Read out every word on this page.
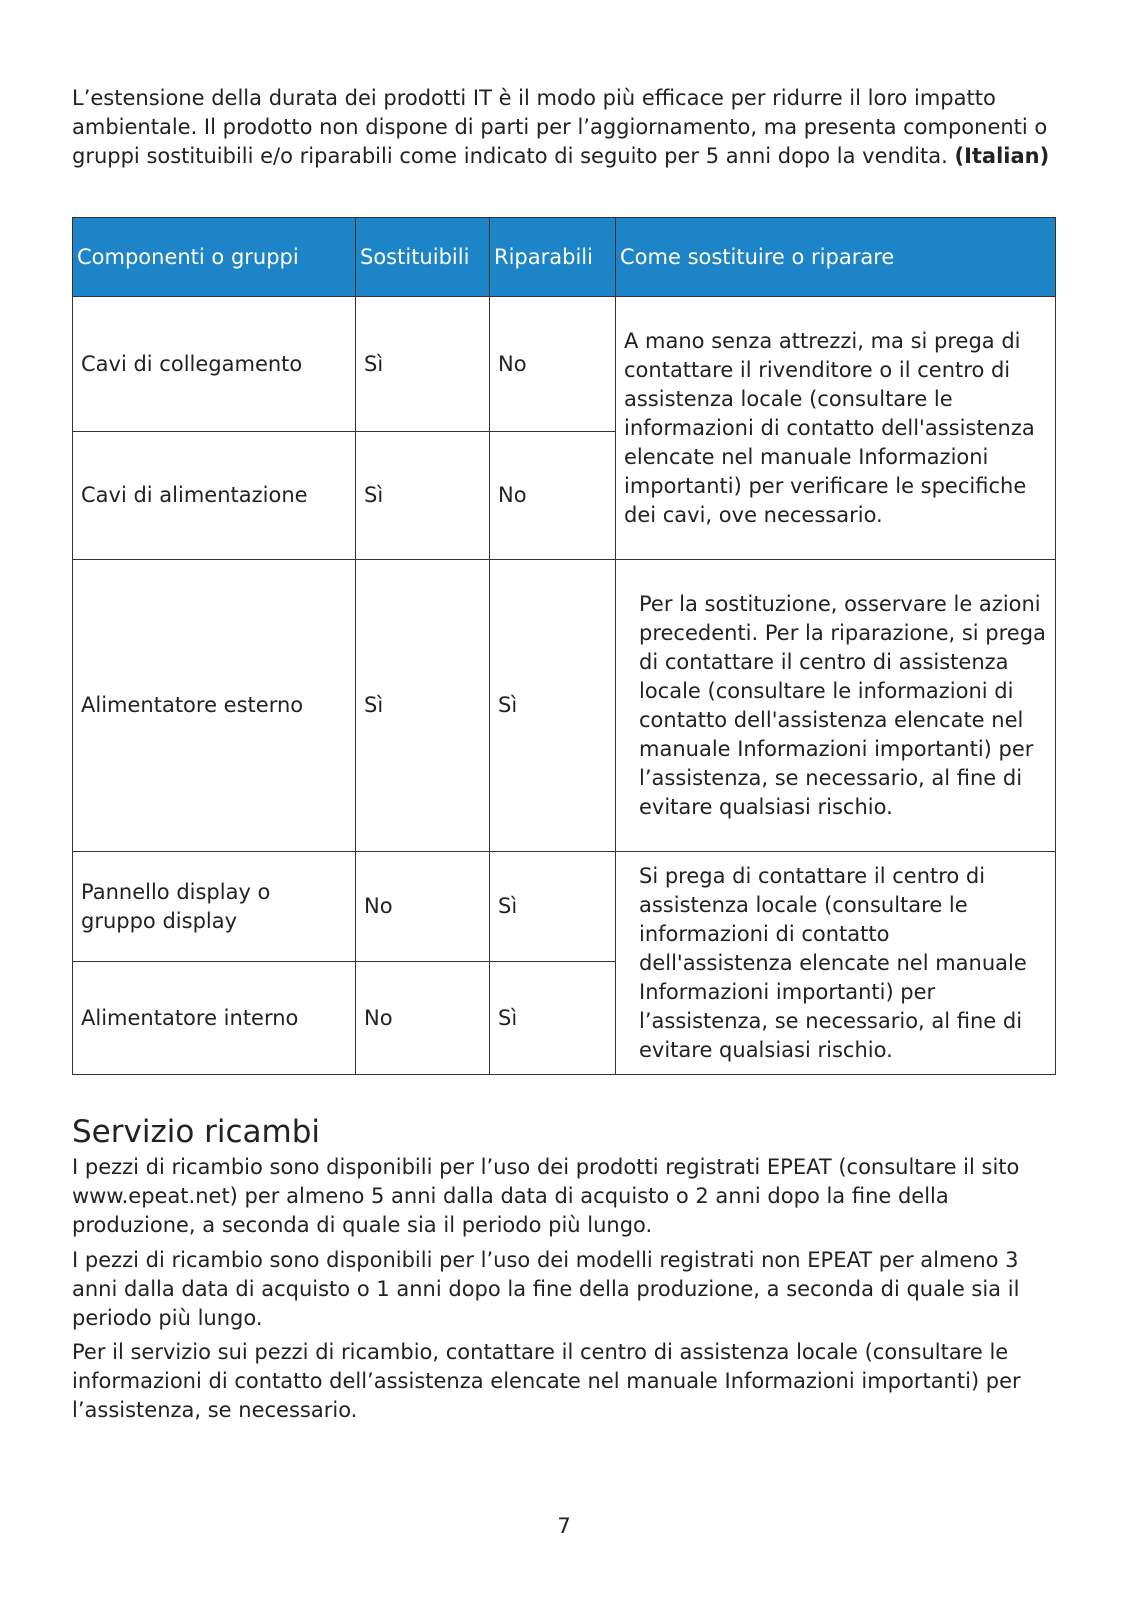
L’estensione della durata dei prodotti IT è il modo più efficace per ridurre il loro impatto ambientale. Il prodotto non dispone di parti per l’aggiornamento, ma presenta componenti o gruppi sostituibili e/o riparabili come indicato di seguito per 5 anni dopo la vendita. (Italian)

Componenti o gruppi	Sostituibili	Riparabili	Come sostituire o riparare
Cavi di collegamento	Sì	No	A mano senza attrezzi, ma si prega di contattare il rivenditore o il centro di assistenza locale (consultare le informazioni di contatto dell'assistenza elencate nel manuale Informazioni importanti) per verificare le specifiche dei cavi, ove necessario.
Cavi di alimentazione	Sì	No	
Alimentatore esterno	Sì	Sì	Per la sostituzione, osservare le azioni precedenti. Per la riparazione, si prega di contattare il centro di assistenza locale (consultare le informazioni di contatto dell'assistenza elencate nel manuale Informazioni importanti) per l’assistenza, se necessario, al fine di evitare qualsiasi rischio.
Pannello display o gruppo display	No	Sì	Si prega di contattare il centro di assistenza locale (consultare le informazioni di contatto dell'assistenza elencate nel manuale Informazioni importanti) per l’assistenza, se necessario, al fine di evitare qualsiasi rischio.
Alimentatore interno	No	Sì	
Servizio ricambi

I pezzi di ricambio sono disponibili per l’uso dei prodotti registrati EPEAT (consultare il sito www.epeat.net) per almeno 5 anni dalla data di acquisto o 2 anni dopo la fine della produzione, a seconda di quale sia il periodo più lungo.

I pezzi di ricambio sono disponibili per l’uso dei modelli registrati non EPEAT per almeno 3 anni dalla data di acquisto o 1 anni dopo la fine della produzione, a seconda di quale sia il periodo più lungo.

Per il servizio sui pezzi di ricambio, contattare il centro di assistenza locale (consultare le informazioni di contatto dell’assistenza elencate nel manuale Informazioni importanti) per l’assistenza, se necessario.

7
